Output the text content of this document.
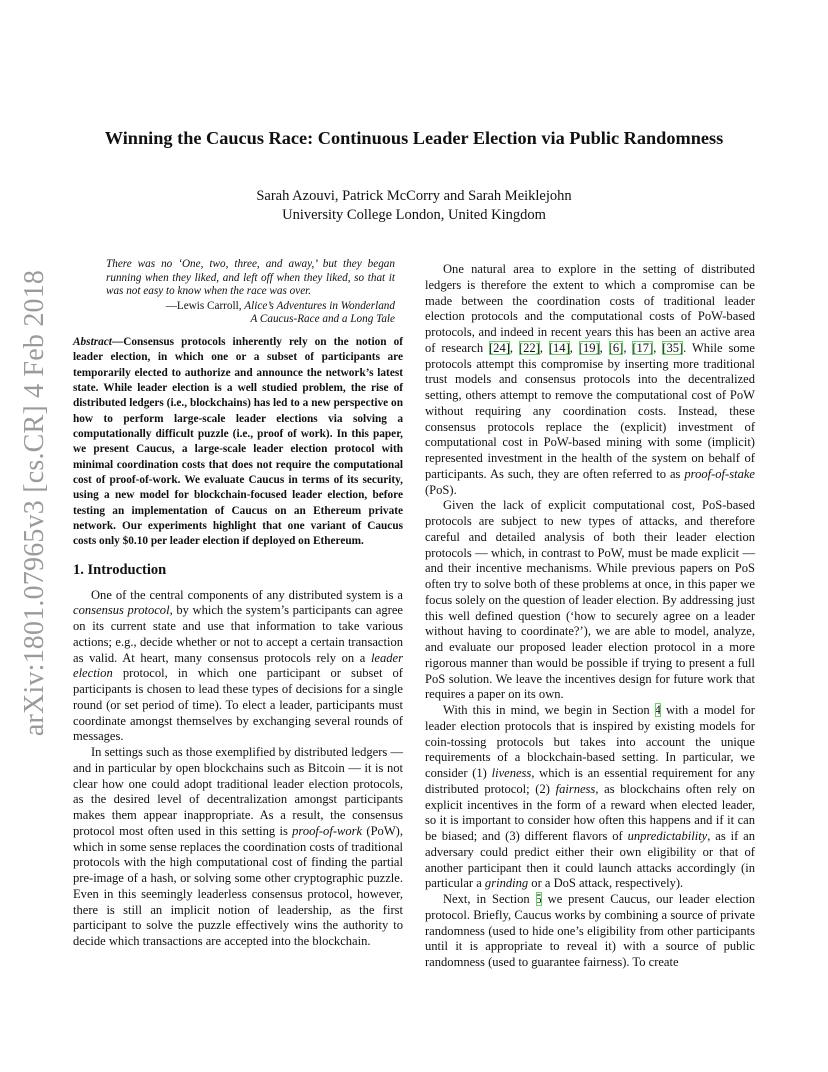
arXiv:1801.07965v3 [cs.CR] 4 Feb 2018
Winning the Caucus Race: Continuous Leader Election via Public Randomness
Sarah Azouvi, Patrick McCorry and Sarah Meiklejohn
University College London, United Kingdom

There was no ‘One, two, three, and away,’ but they began running when they liked, and left off when they liked, so that it was not easy to know when the race was over.

—Lewis Carroll, Alice’s Adventures in Wonderland
A Caucus-Race and a Long Tale
Abstract—Consensus protocols inherently rely on the notion of leader election, in which one or a subset of participants are temporarily elected to authorize and announce the network’s latest state. While leader election is a well studied problem, the rise of distributed ledgers (i.e., blockchains) has led to a new perspective on how to perform large-scale leader elections via solving a computationally difficult puzzle (i.e., proof of work). In this paper, we present Caucus, a large-scale leader election protocol with minimal coordination costs that does not require the computational cost of proof-of-work. We evaluate Caucus in terms of its security, using a new model for blockchain-focused leader election, before testing an implementation of Caucus on an Ethereum private network. Our experiments highlight that one variant of Caucus costs only $0.10 per leader election if deployed on Ethereum.
1. Introduction

One of the central components of any distributed system is a consensus protocol, by which the system’s participants can agree on its current state and use that information to take various actions; e.g., decide whether or not to accept a certain transaction as valid. At heart, many consensus protocols rely on a leader election protocol, in which one participant or subset of participants is chosen to lead these types of decisions for a single round (or set period of time). To elect a leader, participants must coordinate amongst themselves by exchanging several rounds of messages.

In settings such as those exemplified by distributed ledgers — and in particular by open blockchains such as Bitcoin — it is not clear how one could adopt traditional leader election protocols, as the desired level of decentralization amongst participants makes them appear inappropriate. As a result, the consensus protocol most often used in this setting is proof-of-work (PoW), which in some sense replaces the coordination costs of traditional protocols with the high computational cost of finding the partial pre-image of a hash, or solving some other cryptographic puzzle. Even in this seemingly leaderless consensus protocol, however, there is still an implicit notion of leadership, as the first participant to solve the puzzle effectively wins the authority to decide which transactions are accepted into the blockchain.

One natural area to explore in the setting of distributed ledgers is therefore the extent to which a compromise can be made between the coordination costs of traditional leader election protocols and the computational costs of PoW-based protocols, and indeed in recent years this has been an active area of research [24], [22], [14], [19], [6], [17], [35]. While some protocols attempt this compromise by inserting more traditional trust models and consensus protocols into the decentralized setting, others attempt to remove the computational cost of PoW without requiring any coordination costs. Instead, these consensus protocols replace the (explicit) investment of computational cost in PoW-based mining with some (implicit) represented investment in the health of the system on behalf of participants. As such, they are often referred to as proof-of-stake (PoS).

Given the lack of explicit computational cost, PoS-based protocols are subject to new types of attacks, and therefore careful and detailed analysis of both their leader election protocols — which, in contrast to PoW, must be made explicit — and their incentive mechanisms. While previous papers on PoS often try to solve both of these problems at once, in this paper we focus solely on the question of leader election. By addressing just this well defined question (‘how to securely agree on a leader without having to coordinate?’), we are able to model, analyze, and evaluate our proposed leader election protocol in a more rigorous manner than would be possible if trying to present a full PoS solution. We leave the incentives design for future work that requires a paper on its own.

With this in mind, we begin in Section 4 with a model for leader election protocols that is inspired by existing models for coin-tossing protocols but takes into account the unique requirements of a blockchain-based setting. In particular, we consider (1) liveness, which is an essential requirement for any distributed protocol; (2) fairness, as blockchains often rely on explicit incentives in the form of a reward when elected leader, so it is important to consider how often this happens and if it can be biased; and (3) different flavors of unpredictability, as if an adversary could predict either their own eligibility or that of another participant then it could launch attacks accordingly (in particular a grinding or a DoS attack, respectively).

Next, in Section 5 we present Caucus, our leader election protocol. Briefly, Caucus works by combining a source of private randomness (used to hide one’s eligibility from other participants until it is appropriate to reveal it) with a source of public randomness (used to guarantee fairness). To create
